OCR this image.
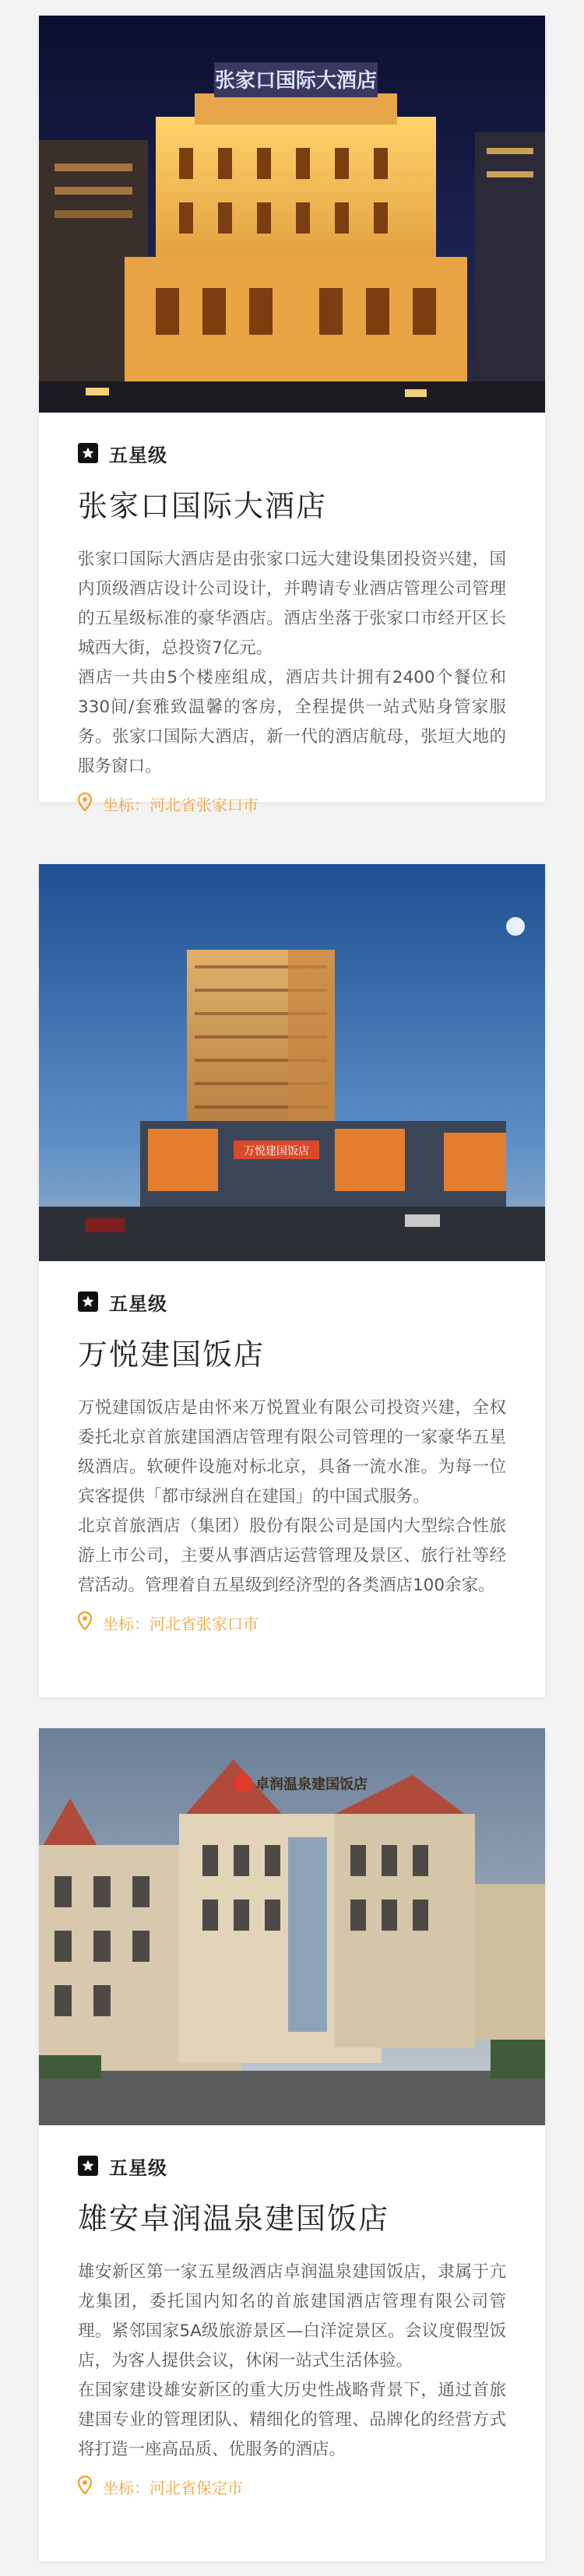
张家口国际大酒店
五星级
张家口国际大酒店

张家口国际大酒店是由张家口远大建设集团投资兴建，国内顶级酒店设计公司设计，并聘请专业酒店管理公司管理的五星级标准的豪华酒店。酒店坐落于张家口市经开区长城西大街，总投资7亿元。

酒店一共由5个楼座组成，酒店共计拥有2400个餐位和330间/套雅致温馨的客房，全程提供一站式贴身管家服务。张家口国际大酒店，新一代的酒店航母，张垣大地的服务窗口。

坐标：河北省张家口市
万悦建国饭店
五星级
万悦建国饭店

万悦建国饭店是由怀来万悦置业有限公司投资兴建，全权委托北京首旅建国酒店管理有限公司管理的一家豪华五星级酒店。软硬件设施对标北京，具备一流水准。为每一位宾客提供「都市绿洲自在建国」的中国式服务。

北京首旅酒店（集团）股份有限公司是国内大型综合性旅游上市公司，主要从事酒店运营管理及景区、旅行社等经营活动。管理着自五星级到经济型的各类酒店100余家。

坐标：河北省张家口市
卓润温泉建国饭店
五星级
雄安卓润温泉建国饭店

雄安新区第一家五星级酒店卓润温泉建国饭店，隶属于亢龙集团，委托国内知名的首旅建国酒店管理有限公司管理。紧邻国家5A级旅游景区—白洋淀景区。会议度假型饭店，为客人提供会议，休闲一站式生活体验。

在国家建设雄安新区的重大历史性战略背景下，通过首旅建国专业的管理团队、精细化的管理、品牌化的经营方式将打造一座高品质、优服务的酒店。

坐标：河北省保定市
